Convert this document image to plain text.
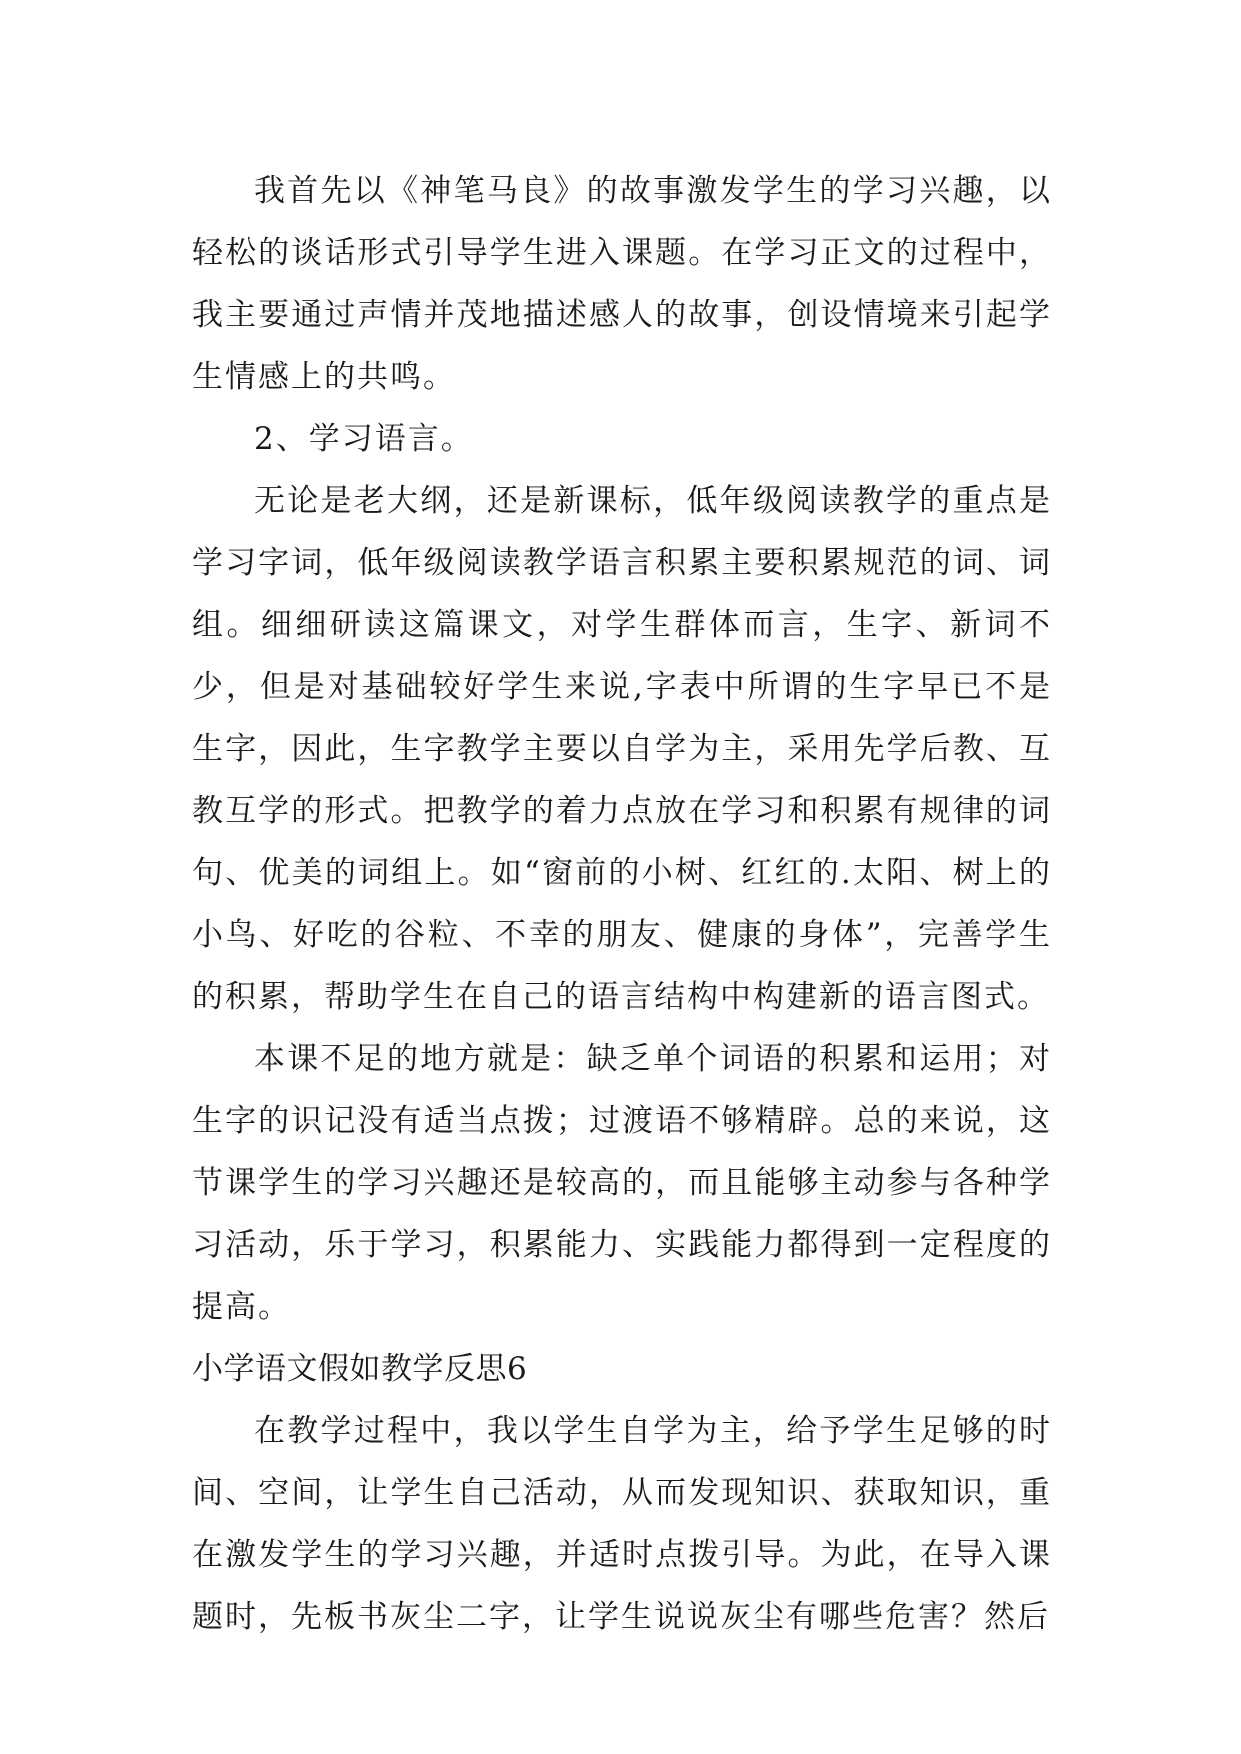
我首先以《神笔马良》的故事激发学生的学习兴趣，以轻松的谈话形式引导学生进入课题。在学习正文的过程中，我主要通过声情并茂地描述感人的故事，创设情境来引起学生情感上的共鸣。

2、学习语言。

无论是老大纲，还是新课标，低年级阅读教学的重点是学习字词，低年级阅读教学语言积累主要积累规范的词、词组。细细研读这篇课文，对学生群体而言，生字、新词不少，但是对基础较好学生来说,字表中所谓的生字早已不是生字，因此，生字教学主要以自学为主，采用先学后教、互教互学的形式。把教学的着力点放在学习和积累有规律的词句、优美的词组上。如“窗前的小树、红红的.太阳、树上的小鸟、好吃的谷粒、不幸的朋友、健康的身体”，完善学生的积累，帮助学生在自己的语言结构中构建新的语言图式。

本课不足的地方就是：缺乏单个词语的积累和运用；对生字的识记没有适当点拨；过渡语不够精辟。总的来说，这节课学生的学习兴趣还是较高的，而且能够主动参与各种学习活动，乐于学习，积累能力、实践能力都得到一定程度的提高。

小学语文假如教学反思6

在教学过程中，我以学生自学为主，给予学生足够的时间、空间，让学生自己活动，从而发现知识、获取知识，重在激发学生的学习兴趣，并适时点拨引导。为此，在导入课题时，先板书灰尘二字，让学生说说灰尘有哪些危害？然后
